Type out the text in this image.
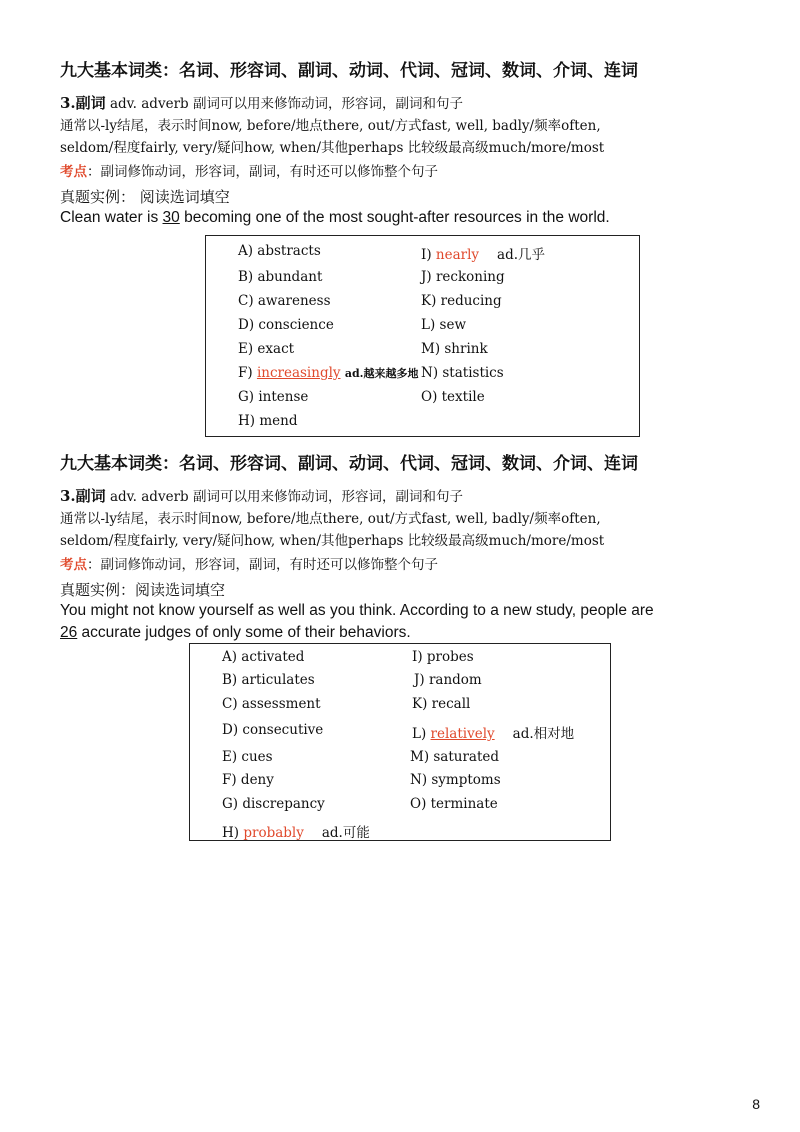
九大基本词类：名词、形容词、副词、动词、代词、冠词、数词、介词、连词
3.副词 adv. adverb 副词可以用来修饰动词，形容词，副词和句子
通常以-ly结尾，表示时间now, before/地点there, out/方式fast, well, badly/频率often,
seldom/程度fairly, very/疑问how, when/其他perhaps 比较级最高级much/more/most
考点：副词修饰动词，形容词，副词，有时还可以修饰整个句子
真题实例： 阅读选词填空
Clean water is 30 becoming one of the most sought-after resources in the world.
A) abstracts
B) abundant
C) awareness
D) conscience
E) exact
F) increasingly ad.越来越多地
G) intense
H) mend
I) nearly ad.几乎
J) reckoning
K) reducing
L) sew
M) shrink
N) statistics
O) textile
九大基本词类：名词、形容词、副词、动词、代词、冠词、数词、介词、连词
3.副词 adv. adverb 副词可以用来修饰动词，形容词，副词和句子
通常以-ly结尾，表示时间now, before/地点there, out/方式fast, well, badly/频率often,
seldom/程度fairly, very/疑问how, when/其他perhaps 比较级最高级much/more/most
考点：副词修饰动词，形容词，副词，有时还可以修饰整个句子
真题实例：阅读选词填空
You might not know yourself as well as you think. According to a new study, people are
26 accurate judges of only some of their behaviors.
A) activated
B) articulates
C) assessment
D) consecutive
E) cues
F) deny
G) discrepancy
H) probably ad.可能
I) probes
J) random
K) recall
L) relatively ad.相对地
M) saturated
N) symptoms
O) terminate
8
